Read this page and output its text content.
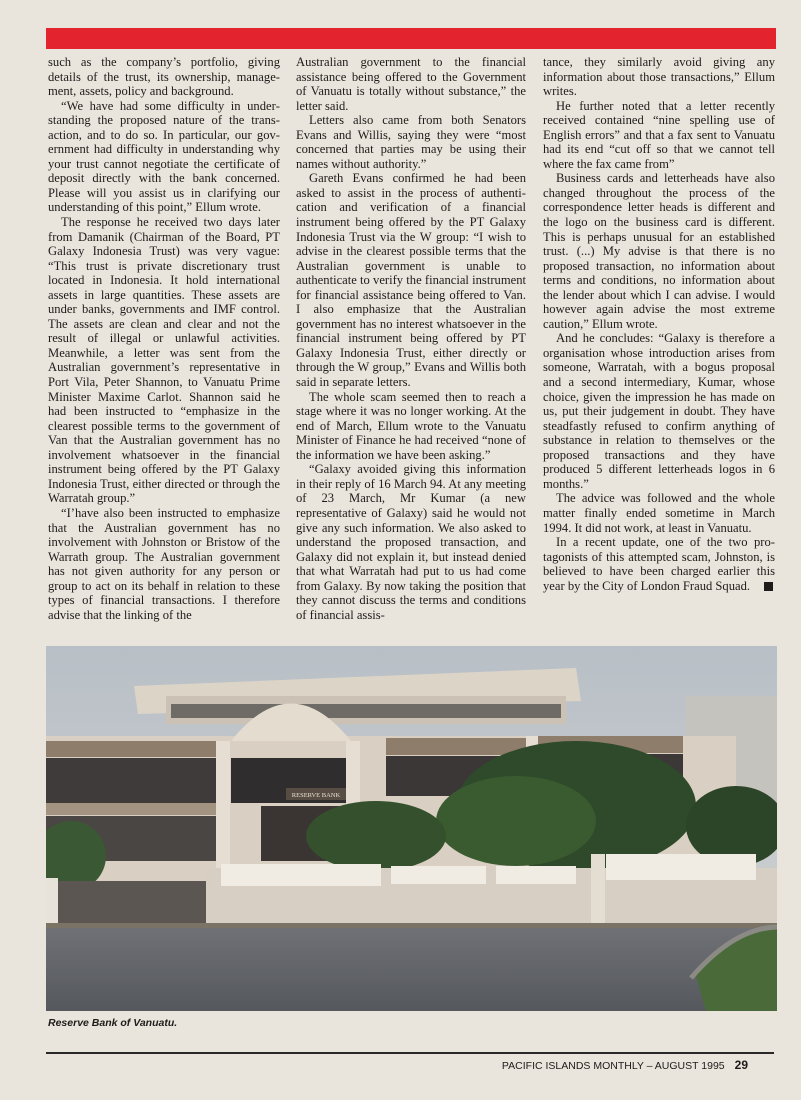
such as the company’s portfolio, giving details of the trust, its ownership, management, assets, policy and background.

“We have had some difficulty in understanding the proposed nature of the transaction, and to do so. In particular, our government had difficulty in understanding why your trust cannot negotiate the certificate of deposit directly with the bank concerned. Please will you assist us in clarifying our understanding of this point,” Ellum wrote.

The response he received two days later from Damanik (Chairman of the Board, PT Galaxy Indonesia Trust) was very vague: “This trust is private discretionary trust located in Indonesia. It hold international assets in large quantities. These assets are under banks, governments and IMF control. The assets are clean and clear and not the result of illegal or unlawful activities. Meanwhile, a letter was sent from the Australian government’s representative in Port Vila, Peter Shannon, to Vanuatu Prime Minister Maxime Carlot. Shannon said he had been instructed to “emphasize in the clearest possible terms to the government of Van that the Australian government has no involvement whatsoever in the financial instrument being offered by the PT Galaxy Indonesia Trust, either directed or through the Warratah group.”

“I’have also been instructed to emphasize that the Australian government has no involvement with Johnston or Bristow of the Warrath group. The Australian government has not given authority for any person or group to act on its behalf in relation to these types of financial transactions. I therefore advise that the linking of the

Australian government to the financial assistance being offered to the Government of Vanuatu is totally without substance,” the letter said.

Letters also came from both Senators Evans and Willis, saying they were “most concerned that parties may be using their names without authority.”

Gareth Evans confirmed he had been asked to assist in the process of authentication and verification of a financial instrument being offered by the PT Galaxy Indonesia Trust via the W group: “I wish to advise in the clearest possible terms that the Australian government is unable to authenticate to verify the financial instrument for financial assistance being offered to Van. I also emphasize that the Australian government has no interest whatsoever in the financial instrument being offered by PT Galaxy Indonesia Trust, either directly or through the W group,” Evans and Willis both said in separate letters.

The whole scam seemed then to reach a stage where it was no longer working. At the end of March, Ellum wrote to the Vanuatu Minister of Finance he had received “none of the information we have been asking.”

“Galaxy avoided giving this information in their reply of 16 March 94. At any meeting of 23 March, Mr Kumar (a new representative of Galaxy) said he would not give any such information. We also asked to understand the proposed transaction, and Galaxy did not explain it, but instead denied that what Warratah had put to us had come from Galaxy. By now taking the position that they cannot discuss the terms and conditions of financial assis-

tance, they similarly avoid giving any information about those transactions,” Ellum writes.

He further noted that a letter recently received contained “nine spelling use of English errors” and that a fax sent to Vanuatu had its end “cut off so that we cannot tell where the fax came from”

Business cards and letterheads have also changed throughout the process of the correspondence letter heads is different and the logo on the business card is different. This is perhaps unusual for an established trust. (...) My advise is that there is no proposed transaction, no information about terms and conditions, no information about the lender about which I can advise. I would however again advise the most extreme caution,” Ellum wrote.

And he concludes: “Galaxy is therefore a organisation whose introduction arises from someone, Warratah, with a bogus proposal and a second intermediary, Kumar, whose choice, given the impression he has made on us, put their judgement in doubt. They have steadfastly refused to confirm anything of substance in relation to themselves or the proposed transactions and they have produced 5 different letterheads logos in 6 months.”

The advice was followed and the whole matter finally ended sometime in March 1994. It did not work, at least in Vanuatu.

In a recent update, one of the two protagonists of this attempted scam, Johnston, is believed to have been charged earlier this year by the City of London Fraud Squad.

RESERVE BANK
Reserve Bank of Vanuatu.
PACIFIC ISLANDS MONTHLY – AUGUST 1995 29
